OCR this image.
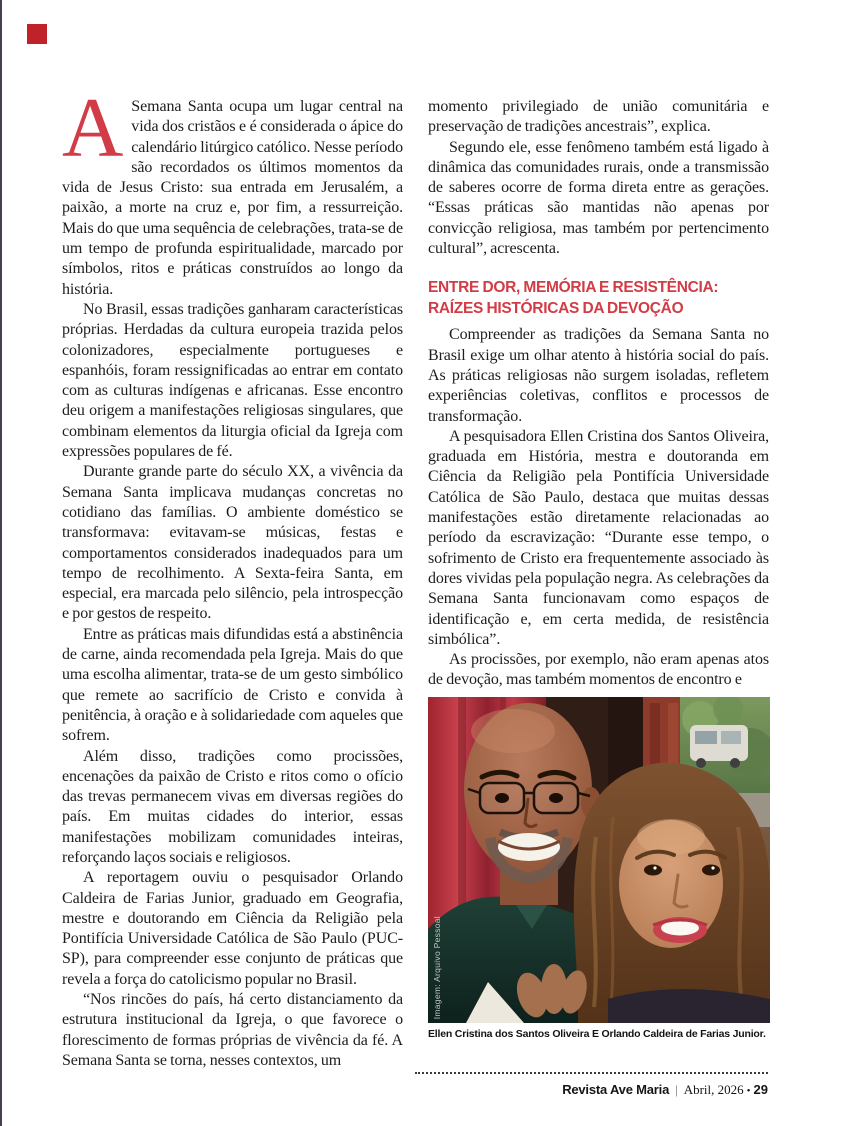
A Semana Santa ocupa um lugar central na vida dos cristãos e é considerada o ápice do calendário litúrgico católico. Nesse período são recordados os últimos momentos da vida de Jesus Cristo: sua entrada em Jerusalém, a paixão, a morte na cruz e, por fim, a ressurreição. Mais do que uma sequência de celebrações, trata-se de um tempo de profunda espiritualidade, marcado por símbolos, ritos e práticas construídos ao longo da história.

No Brasil, essas tradições ganharam características próprias. Herdadas da cultura europeia trazida pelos colonizadores, especialmente portugueses e espanhóis, foram ressignificadas ao entrar em contato com as culturas indígenas e africanas. Esse encontro deu origem a manifestações religiosas singulares, que combinam elementos da liturgia oficial da Igreja com expressões populares de fé.

Durante grande parte do século XX, a vivência da Semana Santa implicava mudanças concretas no cotidiano das famílias. O ambiente doméstico se transformava: evitavam-se músicas, festas e comportamentos considerados inadequados para um tempo de recolhimento. A Sexta-feira Santa, em especial, era marcada pelo silêncio, pela introspecção e por gestos de respeito.

Entre as práticas mais difundidas está a abstinência de carne, ainda recomendada pela Igreja. Mais do que uma escolha alimentar, trata-se de um gesto simbólico que remete ao sacrifício de Cristo e convida à penitência, à oração e à solidariedade com aqueles que sofrem.

Além disso, tradições como procissões, encenações da paixão de Cristo e ritos como o ofício das trevas permanecem vivas em diversas regiões do país. Em muitas cidades do interior, essas manifestações mobilizam comunidades inteiras, reforçando laços sociais e religiosos.

A reportagem ouviu o pesquisador Orlando Caldeira de Farias Junior, graduado em Geografia, mestre e doutorando em Ciência da Religião pela Pontifícia Universidade Católica de São Paulo (PUC-SP), para compreender esse conjunto de práticas que revela a força do catolicismo popular no Brasil.

“Nos rincões do país, há certo distanciamento da estrutura institucional da Igreja, o que favorece o florescimento de formas próprias de vivência da fé. A Semana Santa se torna, nesses contextos, um

momento privilegiado de união comunitária e preservação de tradições ancestrais”, explica.

Segundo ele, esse fenômeno também está ligado à dinâmica das comunidades rurais, onde a transmissão de saberes ocorre de forma direta entre as gerações. “Essas práticas são mantidas não apenas por convicção religiosa, mas também por pertencimento cultural”, acrescenta.

ENTRE DOR, MEMÓRIA E RESISTÊNCIA: RAÍZES HISTÓRICAS DA DEVOÇÃO

Compreender as tradições da Semana Santa no Brasil exige um olhar atento à história social do país. As práticas religiosas não surgem isoladas, refletem experiências coletivas, conflitos e processos de transformação.

A pesquisadora Ellen Cristina dos Santos Oliveira, graduada em História, mestra e doutoranda em Ciência da Religião pela Pontifícia Universidade Católica de São Paulo, destaca que muitas dessas manifestações estão diretamente relacionadas ao período da escravização: “Durante esse tempo, o sofrimento de Cristo era frequentemente associado às dores vividas pela população negra. As celebrações da Semana Santa funcionavam como espaços de identificação e, em certa medida, de resistência simbólica”.

As procissões, por exemplo, não eram apenas atos de devoção, mas também momentos de encontro e

Imagem: Arquivo Pessoal
Ellen Cristina dos Santos Oliveira E Orlando Caldeira de Farias Junior.
Revista Ave Maria | Abril, 2026 • 29
